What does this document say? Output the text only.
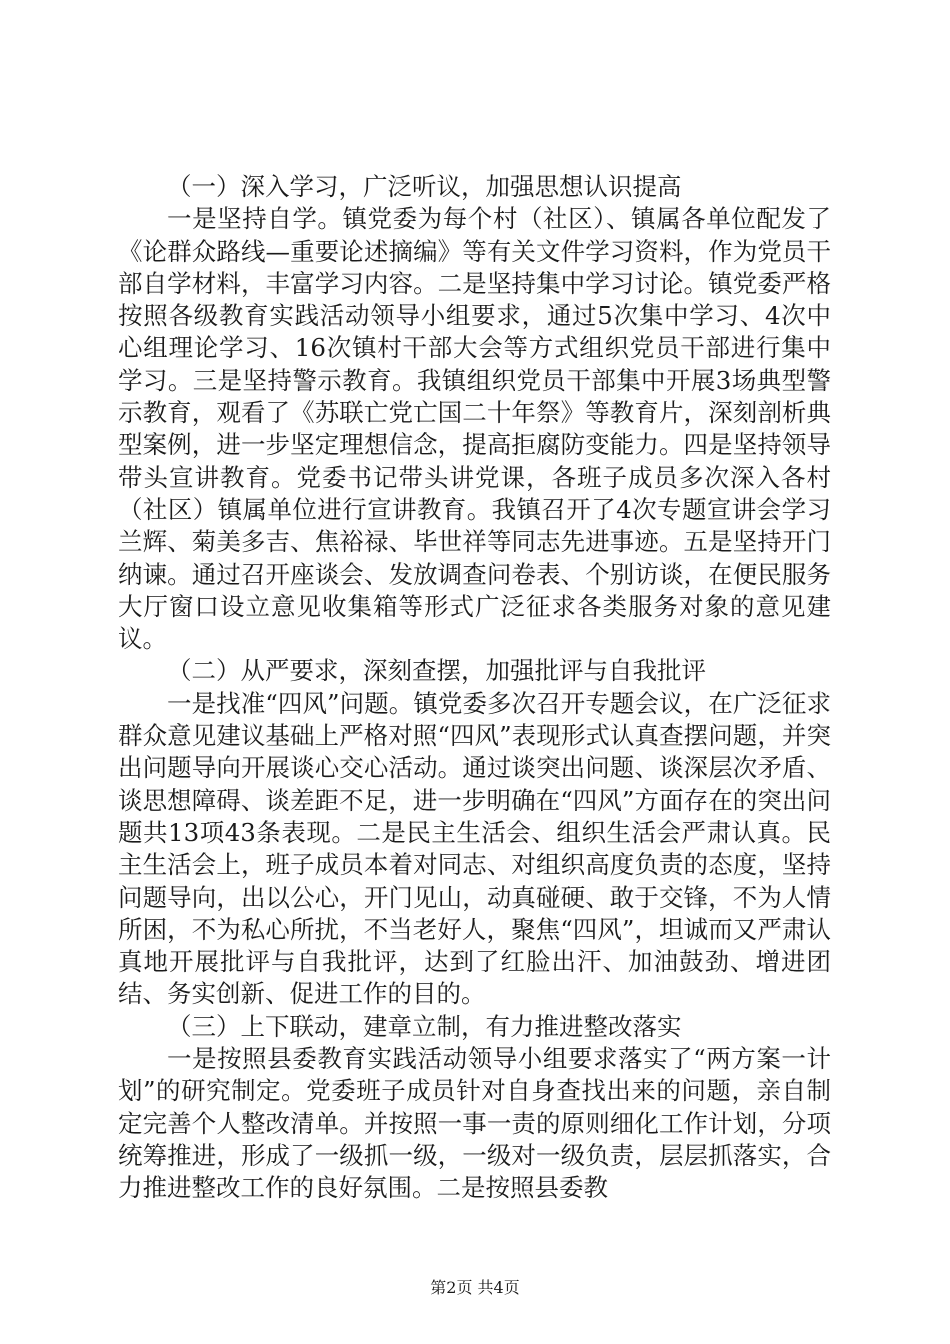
（一）深入学习，广泛听议，加强思想认识提高

一是坚持自学。镇党委为每个村（社区）、镇属各单位配发了《论群众路线—重要论述摘编》等有关文件学习资料，作为党员干部自学材料，丰富学习内容。二是坚持集中学习讨论。镇党委严格按照各级教育实践活动领导小组要求，通过5次集中学习、4次中心组理论学习、16次镇村干部大会等方式组织党员干部进行集中学习。三是坚持警示教育。我镇组织党员干部集中开展3场典型警示教育，观看了《苏联亡党亡国二十年祭》等教育片，深刻剖析典型案例，进一步坚定理想信念，提高拒腐防变能力。四是坚持领导带头宣讲教育。党委书记带头讲党课，各班子成员多次深入各村（社区）镇属单位进行宣讲教育。我镇召开了4次专题宣讲会学习兰辉、菊美多吉、焦裕禄、毕世祥等同志先进事迹。五是坚持开门纳谏。通过召开座谈会、发放调查问卷表、个别访谈，在便民服务大厅窗口设立意见收集箱等形式广泛征求各类服务对象的意见建议。

（二）从严要求，深刻查摆，加强批评与自我批评

一是找准“四风”问题。镇党委多次召开专题会议，在广泛征求群众意见建议基础上严格对照“四风”表现形式认真查摆问题，并突出问题导向开展谈心交心活动。通过谈突出问题、谈深层次矛盾、谈思想障碍、谈差距不足，进一步明确在“四风”方面存在的突出问题共13项43条表现。二是民主生活会、组织生活会严肃认真。民主生活会上，班子成员本着对同志、对组织高度负责的态度，坚持问题导向，出以公心，开门见山，动真碰硬、敢于交锋，不为人情所困，不为私心所扰，不当老好人，聚焦“四风”，坦诚而又严肃认真地开展批评与自我批评，达到了红脸出汗、加油鼓劲、增进团结、务实创新、促进工作的目的。

（三）上下联动，建章立制，有力推进整改落实

一是按照县委教育实践活动领导小组要求落实了“两方案一计划”的研究制定。党委班子成员针对自身查找出来的问题，亲自制定完善个人整改清单。并按照一事一责的原则细化工作计划，分项统筹推进，形成了一级抓一级，一级对一级负责，层层抓落实，合力推进整改工作的良好氛围。二是按照县委教

第2页 共4页
